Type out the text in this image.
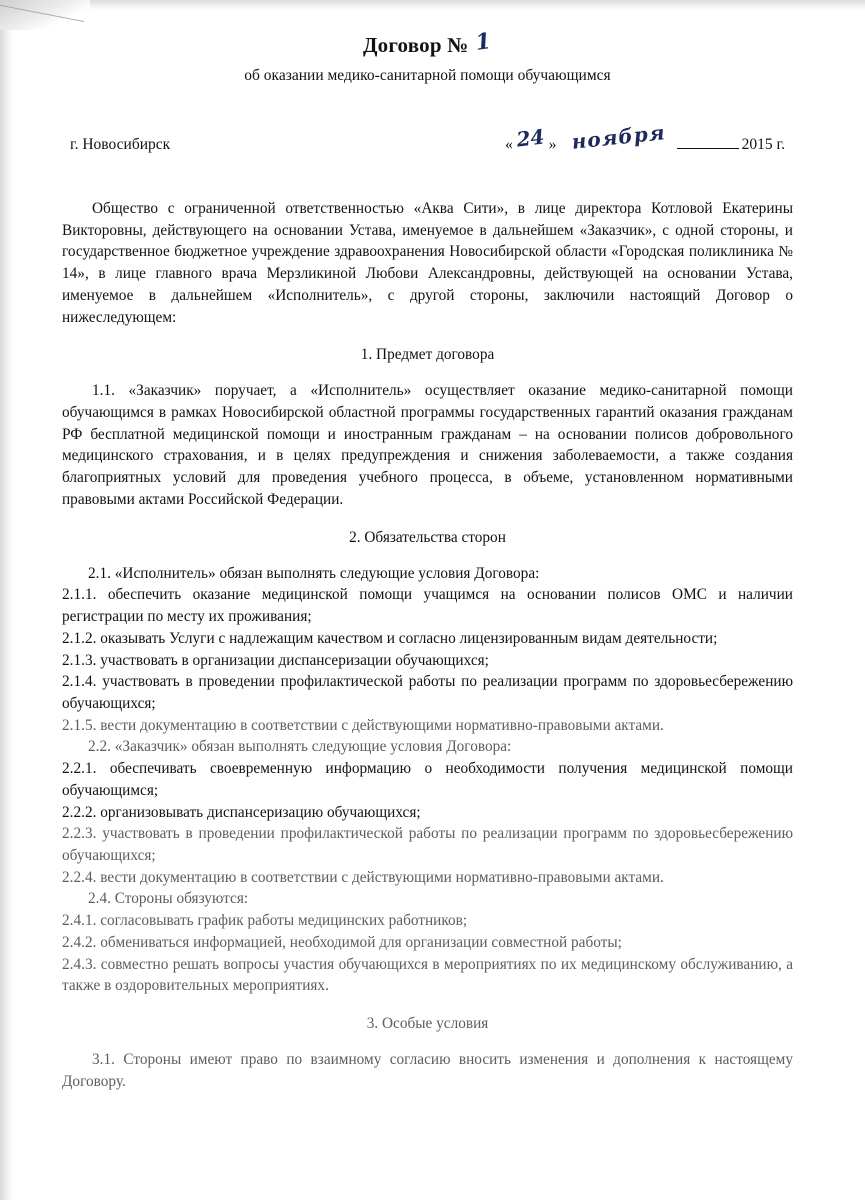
Договор № 1
об оказании медико-санитарной помощи обучающимся
г. Новосибирск	« 24 » ноября	2015 г.

Общество с ограниченной ответственностью «Аква Сити», в лице директора Котловой Екатерины Викторовны, действующего на основании Устава, именуемое в дальнейшем «Заказчик», с одной стороны, и государственное бюджетное учреждение здравоохранения Новосибирской области «Городская поликлиника № 14», в лице главного врача Мерзликиной Любови Александровны, действующей на основании Устава, именуемое в дальнейшем «Исполнитель», с другой стороны, заключили настоящий Договор о нижеследующем:

1. Предмет договора

1.1. «Заказчик» поручает, а «Исполнитель» осуществляет оказание медико-санитарной помощи обучающимся в рамках Новосибирской областной программы государственных гарантий оказания гражданам РФ бесплатной медицинской помощи и иностранным гражданам – на основании полисов добровольного медицинского страхования, и в целях предупреждения и снижения заболеваемости, а также создания благоприятных условий для проведения учебного процесса, в объеме, установленном нормативными правовыми актами Российской Федерации.

2. Обязательства сторон

2.1. «Исполнитель» обязан выполнять следующие условия Договора:

2.1.1. обеспечить оказание медицинской помощи учащимся на основании полисов ОМС и наличии регистрации по месту их проживания;

2.1.2. оказывать Услуги с надлежащим качеством и согласно лицензированным видам деятельности;

2.1.3. участвовать в организации диспансеризации обучающихся;

2.1.4. участвовать в проведении профилактической работы по реализации программ по здоровьесбережению обучающихся;

2.1.5. вести документацию в соответствии с действующими нормативно-правовыми актами.

2.2. «Заказчик» обязан выполнять следующие условия Договора:

2.2.1. обеспечивать своевременную информацию о необходимости получения медицинской помощи обучающимся;

2.2.2. организовывать диспансеризацию обучающихся;

2.2.3. участвовать в проведении профилактической работы по реализации программ по здоровьесбережению обучающихся;

2.2.4. вести документацию в соответствии с действующими нормативно-правовыми актами.

2.4. Стороны обязуются:

2.4.1. согласовывать график работы медицинских работников;

2.4.2. обмениваться информацией, необходимой для организации совместной работы;

2.4.3. совместно решать вопросы участия обучающихся в мероприятиях по их медицинскому обслуживанию, а также в оздоровительных мероприятиях.

3. Особые условия

3.1. Стороны имеют право по взаимному согласию вносить изменения и дополнения к настоящему Договору.
